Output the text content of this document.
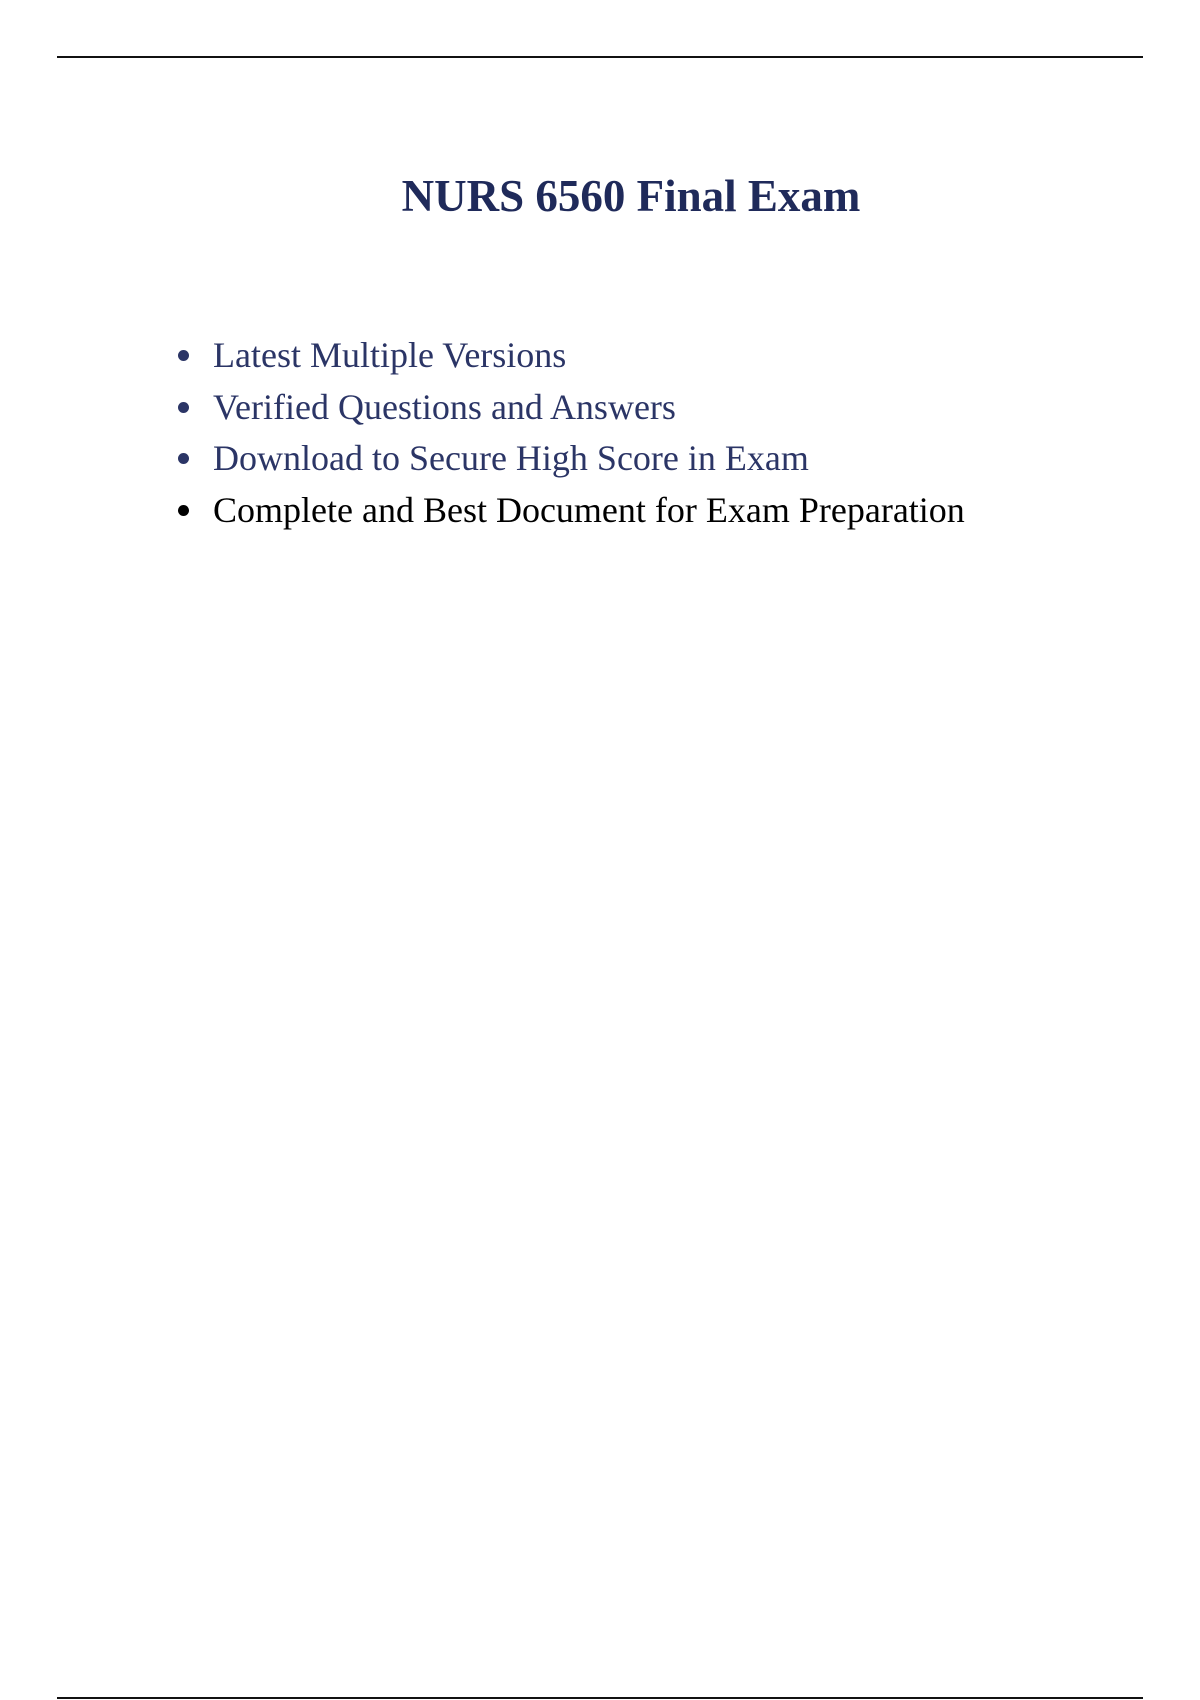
NURS 6560 Final Exam
Latest Multiple Versions
Verified Questions and Answers
Download to Secure High Score in Exam
Complete and Best Document for Exam Preparation
